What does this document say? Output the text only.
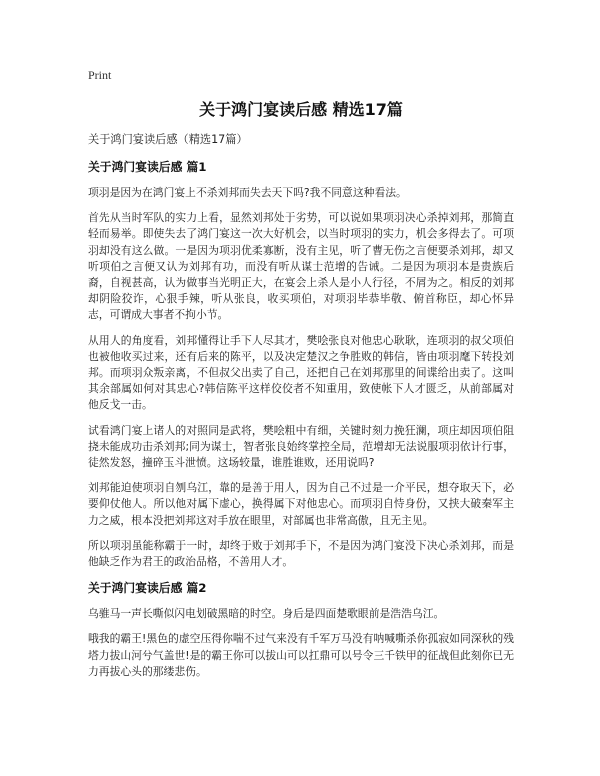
Print
关于鸿门宴读后感 精选17篇
关于鸿门宴读后感（精选17篇）
关于鸿门宴读后感 篇1

项羽是因为在鸿门宴上不杀刘邦而失去天下吗?我不同意这种看法。

首先从当时军队的实力上看，显然刘邦处于劣势，可以说如果项羽决心杀掉刘邦，那简直轻而易举。即使失去了鸿门宴这一次大好机会，以当时项羽的实力，机会多得去了。可项羽却没有这么做。一是因为项羽优柔寡断，没有主见，听了曹无伤之言便要杀刘邦，却又听项伯之言便又认为刘邦有功，而没有听从谋士范增的告诫。二是因为项羽本是贵族后裔，自视甚高，认为做事当光明正大，在宴会上杀人是小人行径，不屑为之。相反的刘邦却阴险狡诈，心狠手辣，听从张良，收买项伯，对项羽毕恭毕敬、俯首称臣，却心怀异志，可谓成大事者不拘小节。

从用人的角度看，刘邦懂得让手下人尽其才，樊哙张良对他忠心耿耿，连项羽的叔父项伯也被他收买过来，还有后来的陈平，以及决定楚汉之争胜败的韩信，皆由项羽麾下转投刘邦。而项羽众叛亲离，不但叔父出卖了自己，还把自己在刘邦那里的间谍给出卖了。这叫其余部属如何对其忠心?韩信陈平这样佼佼者不知重用，致使帐下人才匮乏，从前部属对他反戈一击。

试看鸿门宴上诸人的对照同是武将，樊哙粗中有细，关键时刻力挽狂澜，项庄却因项伯阻挠未能成功击杀刘邦;同为谋士，智者张良始终掌控全局，范增却无法说服项羽依计行事，徒然发怒，撞碎玉斗泄愤。这场较量，谁胜谁败，还用说吗?

刘邦能迫使项羽自刎乌江，靠的是善于用人，因为自己不过是一介平民，想夺取天下，必要仰仗他人。所以他对属下虚心，换得属下对他忠心。而项羽自恃身份，又挟大破秦军主力之威，根本没把刘邦这对手放在眼里，对部属也非常高傲，且无主见。

所以项羽虽能称霸于一时，却终于败于刘邦手下，不是因为鸿门宴没下决心杀刘邦，而是他缺乏作为君王的政治品格，不善用人才。

关于鸿门宴读后感 篇2

乌骓马一声长嘶似闪电划破黑暗的时空。身后是四面楚歌眼前是浩浩乌江。

哦我的霸王!黑色的虚空压得你喘不过气来没有千军万马没有呐喊嘶杀你孤寂如同深秋的残塔力拔山河兮气盖世!是的霸王你可以拔山可以扛鼎可以号令三千铁甲的征战但此刻你已无力再拔心头的那缕悲伤。
